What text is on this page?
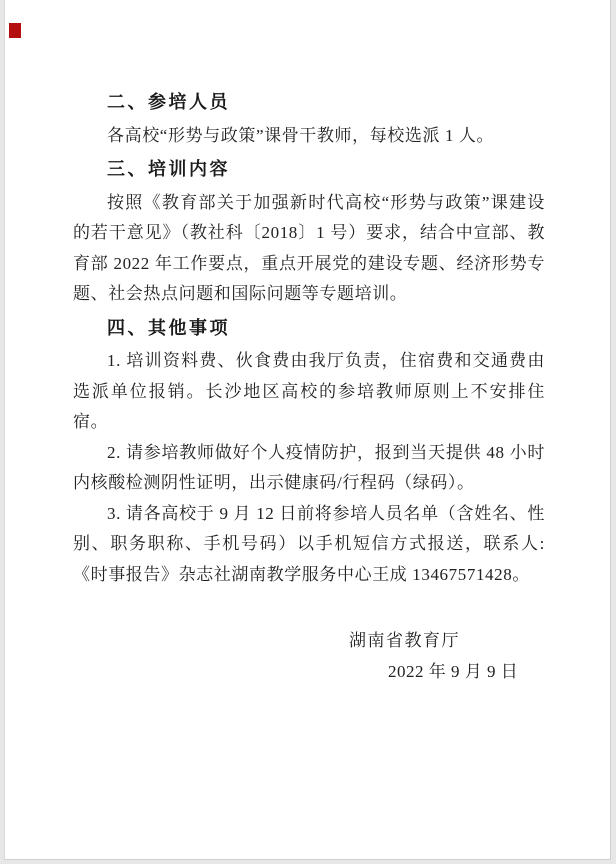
二、参培人员

各高校“形势与政策”课骨干教师，每校选派 1 人。

三、培训内容

按照《教育部关于加强新时代高校“形势与政策”课建设的若干意见》（教社科〔2018〕1 号）要求，结合中宣部、教育部 2022 年工作要点，重点开展党的建设专题、经济形势专题、社会热点问题和国际问题等专题培训。

四、其他事项

1. 培训资料费、伙食费由我厅负责，住宿费和交通费由选派单位报销。长沙地区高校的参培教师原则上不安排住宿。

2. 请参培教师做好个人疫情防护，报到当天提供 48 小时内核酸检测阴性证明，出示健康码/行程码（绿码）。

3. 请各高校于 9 月 12 日前将参培人员名单（含姓名、性别、职务职称、手机号码）以手机短信方式报送，联系人:《时事报告》杂志社湖南教学服务中心王成 13467571428。

湖南省教育厅
2022 年 9 月 9 日
